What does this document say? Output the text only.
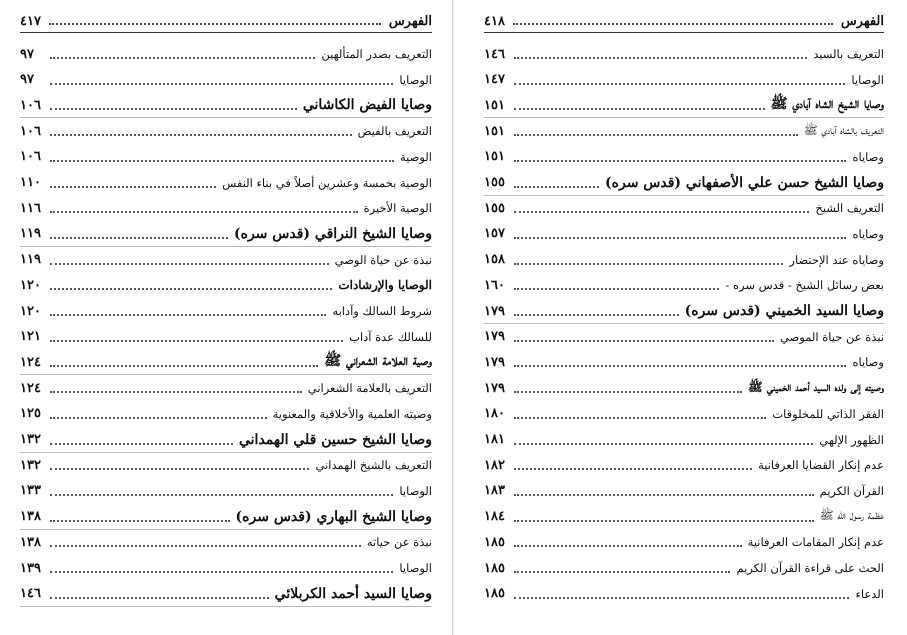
الفهرس
٤١٧
التعريف بصدر المتألهين
٩٧
الوصايا
٩٧
وصايا الفيض الكاشاني
١٠٦
التعريف بالفيض
١٠٦
الوصية
١٠٦
الوصية بخمسة وعشرين أصلاً في بناء النفس
١١٠
الوصية الأخيرة
١١٦
وصايا الشيخ النراقي (قدس سره)
١١٩
نبذة عن حياة الوصي
١١٩
الوصايا والإرشادات
١٢٠
شروط السالك وآدابه
١٢٠
للسالك عدة آداب
١٢١
وصية العلامة الشعراني ﷺ
١٢٤
التعريف بالعلامة الشعراني
١٢٤
وصيته العلمية والأخلاقية والمعنوية
١٢٥
وصايا الشيخ حسين قلي الهمداني
١٣٢
التعريف بالشيخ الهمداني
١٣٢
الوصايا
١٣٣
وصايا الشيخ البهاري (قدس سره)
١٣٨
نبذة عن حياته
١٣٨
الوصايا
١٣٩
وصايا السيد أحمد الكربلائي
١٤٦
الفهرس
٤١٨
التعريف بالسيد
١٤٦
الوصايا
١٤٧
وصايا الشيخ الشاه آبادي ﷺ
١٥١
التعريف بالشاه آبادي ﷺ
١٥١
وصاياه
١٥١
وصايا الشيخ حسن علي الأصفهاني (قدس سره)
١٥٥
التعريف الشيخ
١٥٥
وصاياه
١٥٧
وصاياه عند الإحتضار
١٥٨
بعض رسائل الشيخ - قدس سره -
١٦٠
وصايا السيد الخميني (قدس سره)
١٧٩
نبذة عن حياة الموصي
١٧٩
وصاياه
١٧٩
وصيته إلى ولده السيد أحمد الخميني ﷺ
١٧٩
الفقر الذاتي للمخلوقات
١٨٠
الظهور الإلهي
١٨١
عدم إنكار القضايا العرفانية
١٨٢
القرآن الكريم
١٨٣
عظمة رسول الله ﷺ
١٨٤
عدم إنكار المقامات العرفانية
١٨٥
الحث على قراءة القرآن الكريم
١٨٥
الدعاء
١٨٥
